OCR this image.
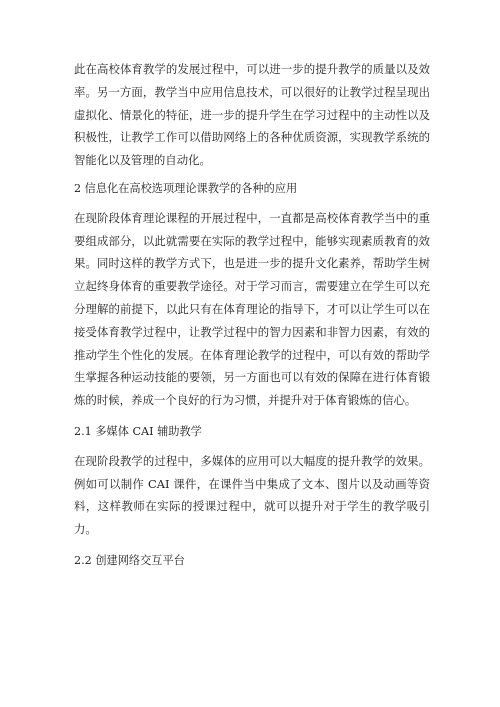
此在高校体育教学的发展过程中，可以进一步的提升教学的质量以及效率。另一方面，教学当中应用信息技术，可以很好的让教学过程呈现出虚拟化、情景化的特征，进一步的提升学生在学习过程中的主动性以及积极性，让教学工作可以借助网络上的各种优质资源，实现教学系统的智能化以及管理的自动化。

2 信息化在高校选项理论课教学的各种的应用

在现阶段体育理论课程的开展过程中，一直都是高校体育教学当中的重要组成部分，以此就需要在实际的教学过程中，能够实现素质教育的效果。同时这样的教学方式下，也是进一步的提升文化素养，帮助学生树立起终身体育的重要教学途径。对于学习而言，需要建立在学生可以充分理解的前提下，以此只有在体育理论的指导下，才可以让学生可以在接受体育教学过程中，让教学过程中的智力因素和非智力因素，有效的推动学生个性化的发展。在体育理论教学的过程中，可以有效的帮助学生掌握各种运动技能的要领，另一方面也可以有效的保障在进行体育锻炼的时候，养成一个良好的行为习惯，并提升对于体育锻炼的信心。

2.1 多媒体 CAI 辅助教学

在现阶段教学的过程中，多媒体的应用可以大幅度的提升教学的效果。例如可以制作 CAI 课件，在课件当中集成了文本、图片以及动画等资料，这样教师在实际的授课过程中，就可以提升对于学生的教学吸引力。

2.2 创建网络交互平台
